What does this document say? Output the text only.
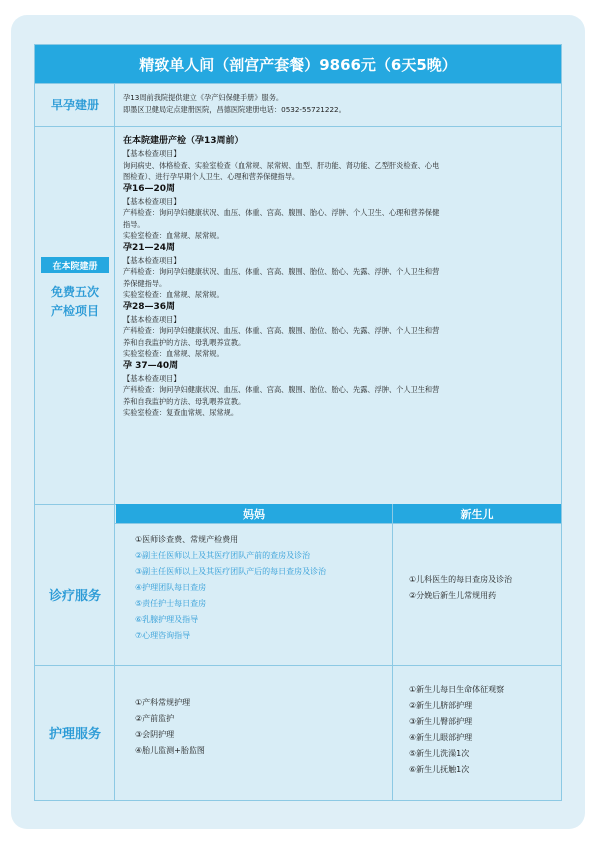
精致单人间（剖宫产套餐）9866元（6天5晚）
早孕建册
孕13周前我院提供建立《孕产妇保健手册》服务。
即墨区卫健局定点建册医院，昌德医院建册电话：0532-55721222。
在本院建册
免费五次
产检项目
在本院建册产检（孕13周前）
【基本检查项目】
询问病史、体格检查、实验室检查（血常规、尿常规、血型、肝功能、肾功能、乙型肝炎检查、心电
图检查）、进行孕早期个人卫生、心理和营养保健指导。
孕16—20周
【基本检查项目】
产科检查：询问孕妇健康状况、血压、体重、宫高、腹围、胎心、浮肿、个人卫生、心理和营养保健
指导。
实验室检查：血常规、尿常规。
孕21—24周
【基本检查项目】
产科检查：询问孕妇健康状况、血压、体重、宫高、腹围、胎位、胎心、先露、浮肿、个人卫生和营
养保健指导。
实验室检查：血常规、尿常规。
孕28—36周
【基本检查项目】
产科检查：询问孕妇健康状况、血压、体重、宫高、腹围、胎位、胎心、先露、浮肿、个人卫生和营
养和自我监护的方法、母乳喂养宣教。
实验室检查：血常规、尿常规。
孕 37—40周
【基本检查项目】
产科检查：询问孕妇健康状况、血压、体重、宫高、腹围、胎位、胎心、先露、浮肿、个人卫生和营
养和自我监护的方法、母乳喂养宣教。
实验室检查：复查血常规、尿常规。
妈妈	新生儿
诊疗服务
①医师诊查费、常规产检费用
②副主任医师以上及其医疗团队产前的查房及诊治
③副主任医师以上及其医疗团队产后的每日查房及诊治
④护理团队每日查房
⑤责任护士每日查房
⑥乳腺护理及指导
⑦心理咨询指导
①儿科医生的每日查房及诊治
②分娩后新生儿常规用药
护理服务
①产科常规护理
②产前监护
③会阴护理
④胎儿监测+胎监图
①新生儿每日生命体征观察
②新生儿脐部护理
③新生儿臀部护理
④新生儿眼部护理
⑤新生儿洗澡1次
⑥新生儿抚触1次
